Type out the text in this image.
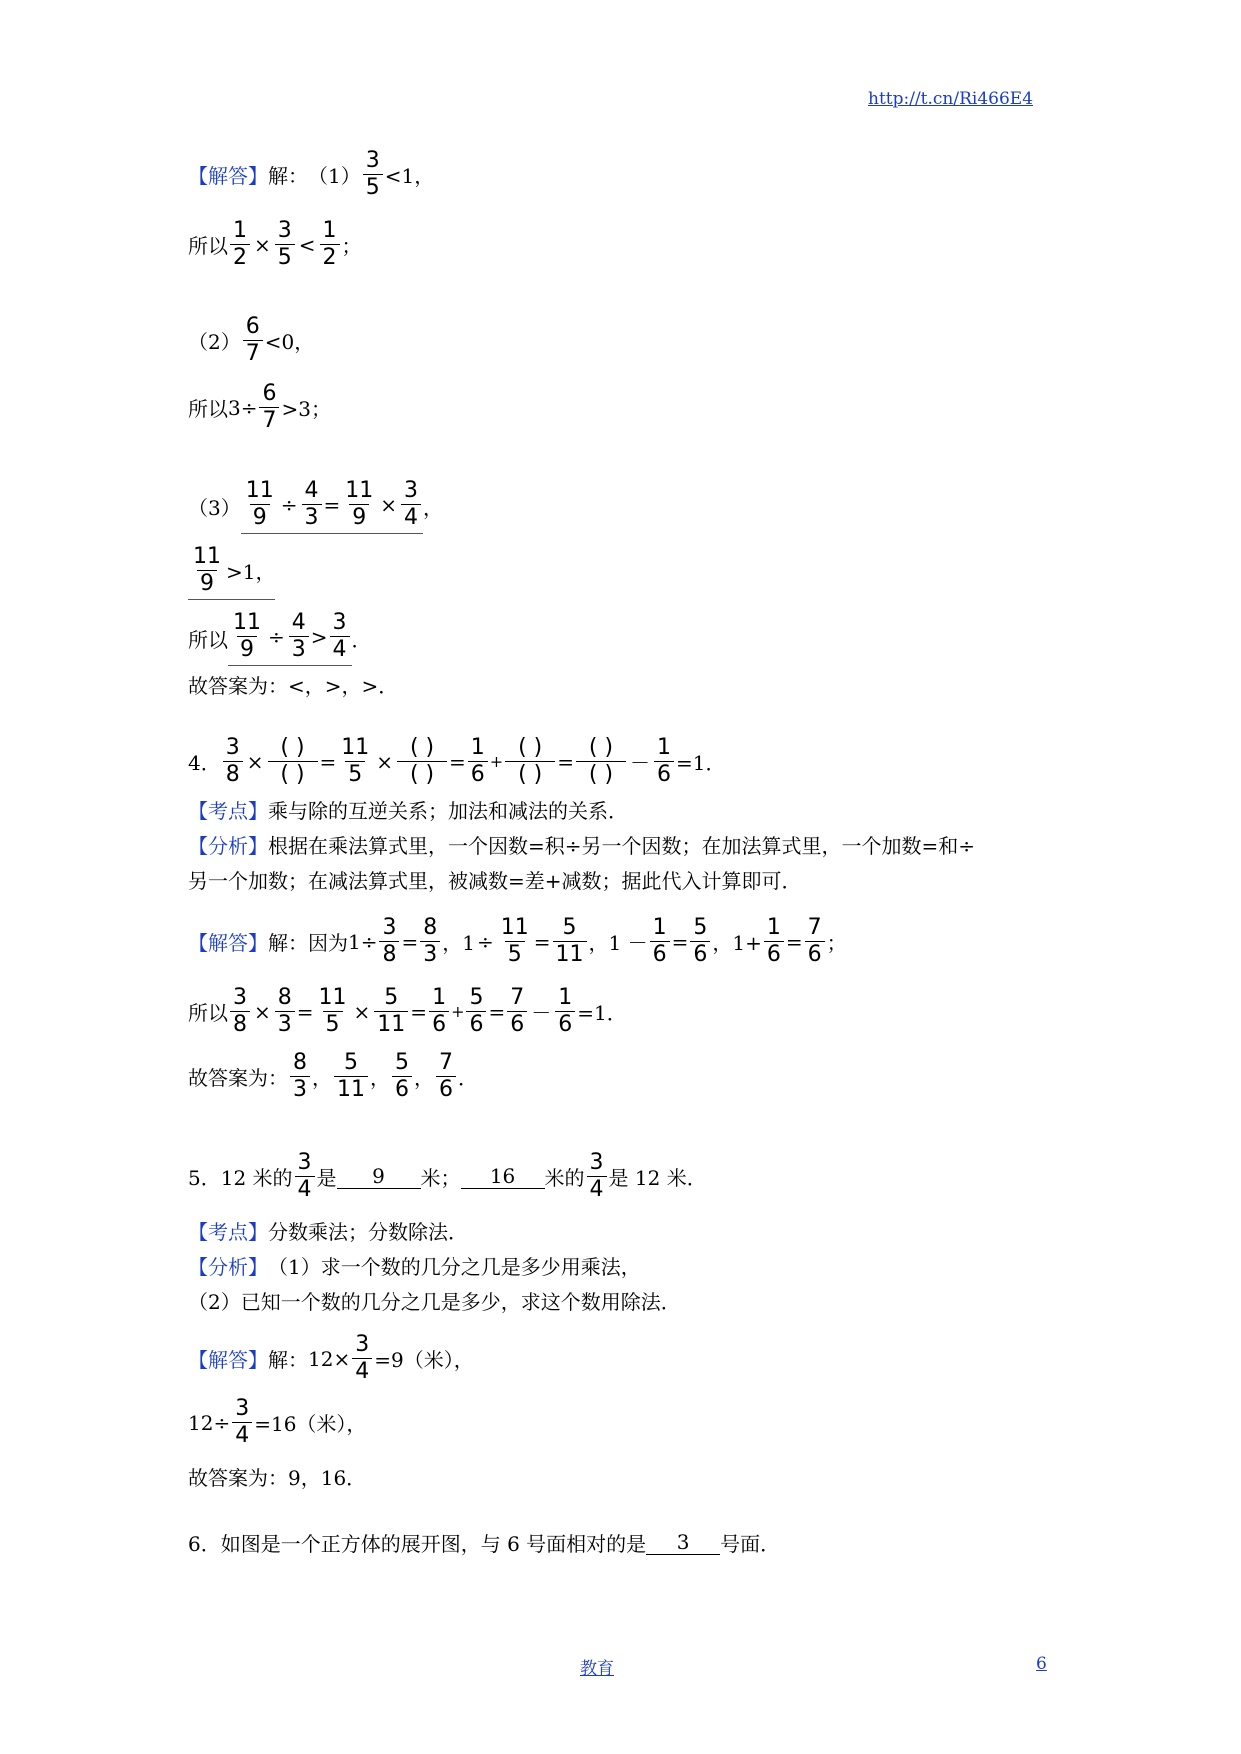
http://t.cn/Ri466E4
【解答】 解： $(1) \frac{3}{5} <1$，
所以 $\frac{1}{2} \times \frac{3}{5} < \frac{1}{2}$ ；
$(2) \frac{6}{7} <0$，
所以 $3\div \frac{6}{7} >3$；
$(3) \frac{11}{9} \div \frac{4}{3} = \frac{11}{9} \times \frac{3}{4}$ ，
$\frac{11}{9} >1$，
所以 $\frac{11}{9} \div \frac{4}{3} > \frac{3}{4}$ ．
故答案为：<，>，>．
4． $\frac{3}{8} \times \frac{( )}{( )} = \frac{11}{5} \times \frac{( )}{( )} = \frac{1}{6} + \frac{( )}{( )} = \frac{( )}{( )} - \frac{1}{6} =1$．
【考点】 乘与除的互逆关系；加法和减法的关系．
【分析】 根据在乘法算式里，一个因数=积÷另一个因数；在加法算式里，一个加数=和÷
另一个加数；在减法算式里，被减数=差+减数；据此代入计算即可．
【解答】 解：因为 $1\div \frac{3}{8} = \frac{8}{3}$ ，$1 \div \frac{11}{5} = \frac{5}{11}$ ，$1 - \frac{1}{6} = \frac{5}{6}$ ，$1+ \frac{1}{6} = \frac{7}{6}$ ；
所以 $\frac{3}{8} \times \frac{8}{3} = \frac{11}{5} \times \frac{5}{11} = \frac{1}{6} + \frac{5}{6} = \frac{7}{6} - \frac{1}{6} =1$．
故答案为： $\frac{8}{3}$ ， $\frac{5}{11}$ ， $\frac{5}{6}$ ， $\frac{7}{6}$ ．
5． 12 米的 $\frac{3}{4}$ 是	9	米；	16	米的 $\frac{3}{4}$ 是 12 米．
【考点】 分数乘法；分数除法．
【分析】 （1）求一个数的几分之几是多少用乘法，
（2）已知一个数的几分之几是多少，求这个数用除法．
【解答】 解： $12\times \frac{3}{4} =9$（米），
$12\div \frac{3}{4} =16$（米），
故答案为：9，16．
6．如图是一个正方体的展开图，与 6 号面相对的是	3	号面．
教育	6
